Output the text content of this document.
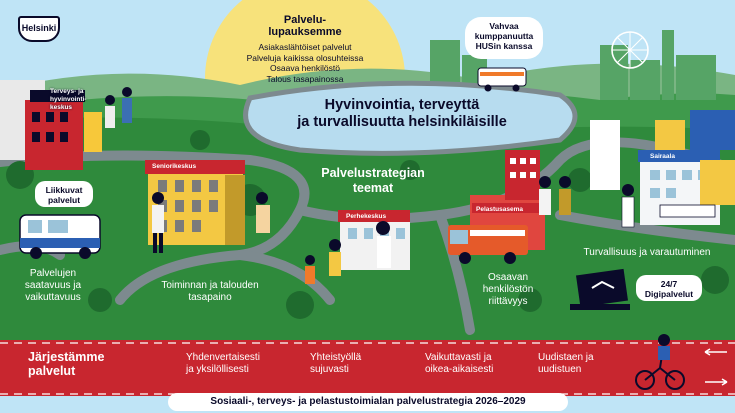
Helsinki
Palvelu-
lupauksemme
Asiakaslähtöiset palvelut
Palveluja kaikissa olosuhteissa
Osaava henkilöstö
Talous tasapainossa
Vahvaa
kumppanuutta
HUSin kanssa
Hyvinvointia, terveyttä
ja turvallisuutta helsinkiläisille
Palvelustrategian
teemat
Terveys- ja
hyvinvointi-
keskus
Seniorikeskus
Perhekeskus
Pelastusasema
Sairaala
Liikkuvat
palvelut
Palvelujen
saatavuus ja
vaikuttavuus
Toiminnan ja talouden
tasapaino
Osaavan
henkilöstön
riittävyys
Turvallisuus ja varautuminen
24/7
Digipalvelut
Järjestämme
palvelut
Yhdenvertaisesti
ja yksilöllisesti
Yhteistyöllä
sujuvasti
Vaikuttavasti ja
oikea-aikaisesti
Uudistaen ja
uudistuen
Sosiaali-, terveys- ja pelastustoimialan palvelustrategia 2026–2029
